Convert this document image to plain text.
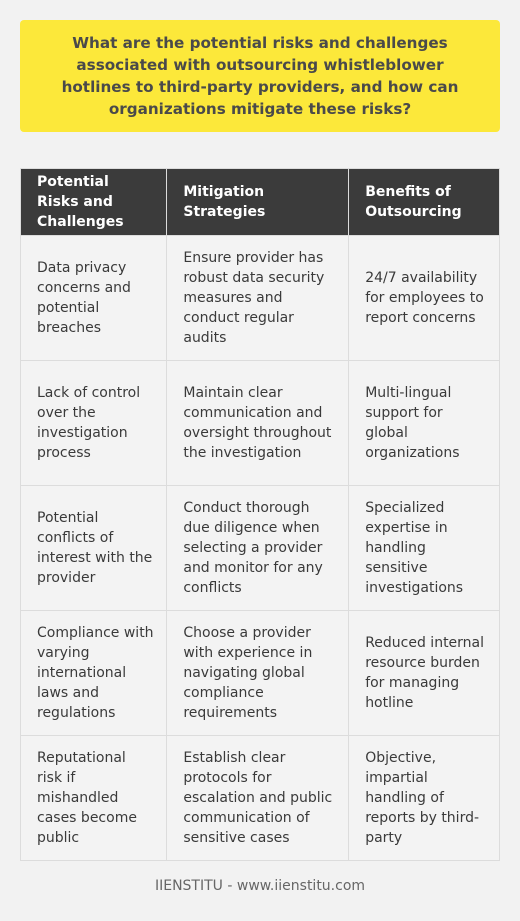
What are the potential risks and challenges associated with outsourcing whistleblower hotlines to third-party providers, and how can organizations mitigate these risks?
Potential Risks and Challenges	Mitigation Strategies	Benefits of Outsourcing
Data privacy concerns and potential breaches	Ensure provider has robust data security measures and conduct regular audits	24/7 availability for employees to report concerns
Lack of control over the investigation process	Maintain clear communication and oversight throughout the investigation	Multi-lingual support for global organizations
Potential conflicts of interest with the provider	Conduct thorough due diligence when selecting a provider and monitor for any conflicts	Specialized expertise in handling sensitive investigations
Compliance with varying international laws and regulations	Choose a provider with experience in navigating global compliance requirements	Reduced internal resource burden for managing hotline
Reputational risk if mishandled cases become public	Establish clear protocols for escalation and public communication of sensitive cases	Objective, impartial handling of reports by third-party
IIENSTITU - www.iienstitu.com
